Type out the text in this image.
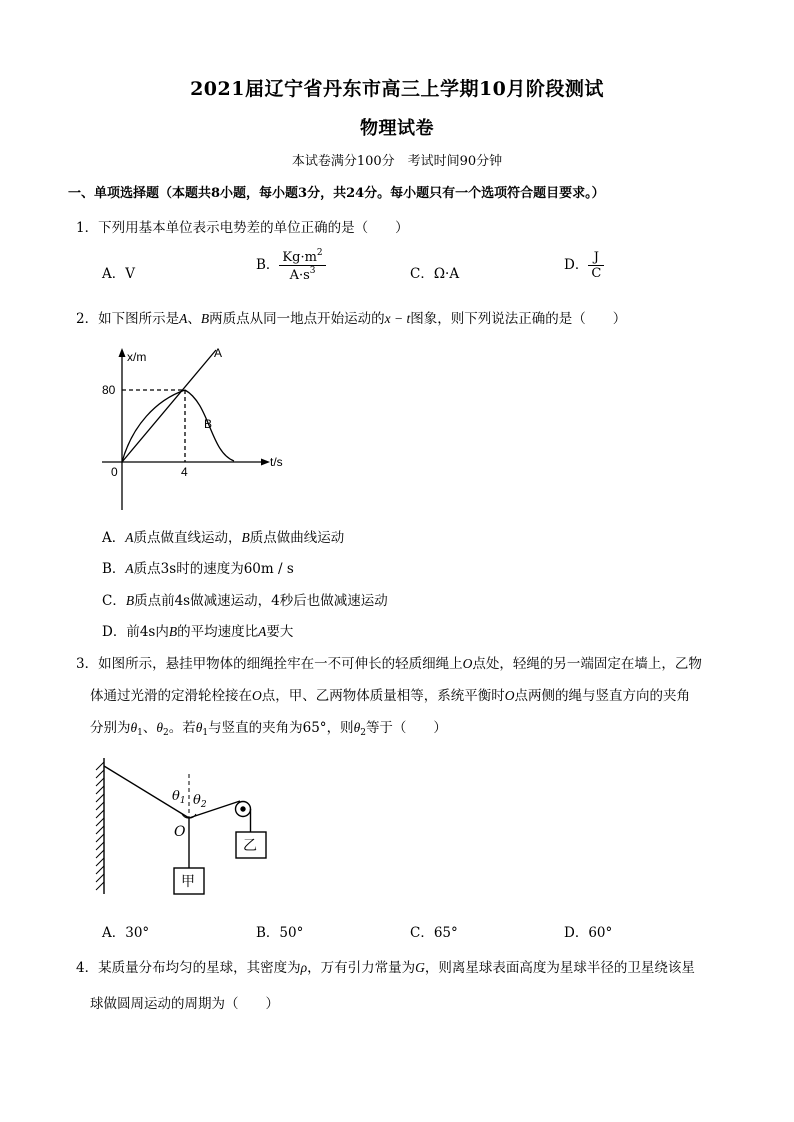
2021届辽宁省丹东市高三上学期10月阶段测试
物理试卷
本试卷满分100分　考试时间90分钟
一、单项选择题（本题共8小题，每小题3分，共24分。每小题只有一个选项符合题目要求。）
1．下列用基本单位表示电势差的单位正确的是（　　）
A．V
B． $\frac{Kg\cdot m^2}{A\cdot s^3}$	C．Ω·A
D． $\frac{J}{C}$
2．如下图所示是A、B两质点从同一地点开始运动的x − t图象，则下列说法正确的是（　　）
x/m
t/s
80
4
0
A
B
A．A质点做直线运动，B质点做曲线运动
B．A质点3s时的速度为60m / s
C．B质点前4s做减速运动，4秒后也做减速运动
D．前4s内B的平均速度比A要大
3．如图所示，悬挂甲物体的细绳拴牢在一不可伸长的轻质细绳上O点处，轻绳的另一端固定在墙上，乙物
体通过光滑的定滑轮栓接在O点，甲、乙两物体质量相等，系统平衡时O点两侧的绳与竖直方向的夹角
分别为$\theta_1$、$\theta_2$。若$\theta_1$与竖直的夹角为65°，则$\theta_2$等于（　　）
$\theta_1$ $\theta_2$
O
甲
乙
A．30°	B．50°	C．65°	D．60°
4．某质量分布均匀的星球，其密度为ρ，万有引力常量为G，则离星球表面高度为星球半径的卫星绕该星
球做圆周运动的周期为（　　）
